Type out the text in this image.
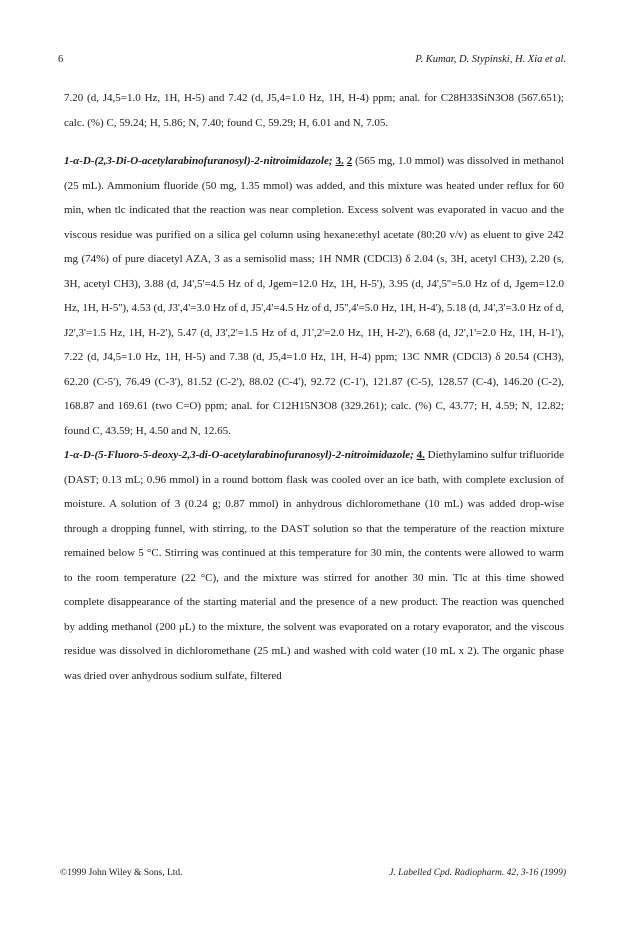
6	P. Kumar, D. Stypinski, H. Xia et al.

7.20 (d, J4,5=1.0 Hz, 1H, H-5) and 7.42 (d, J5,4=1.0 Hz, 1H, H-4) ppm; anal. for C28H33SiN3O8 (567.651); calc. (%) C, 59.24; H, 5.86; N, 7.40; found C, 59.29; H, 6.01 and N, 7.05.

1-α-D-(2,3-Di-O-acetylarabinofuranosyl)-2-nitroimidazole; 3. 2 (565 mg, 1.0 mmol) was dissolved in methanol (25 mL). Ammonium fluoride (50 mg, 1.35 mmol) was added, and this mixture was heated under reflux for 60 min, when tlc indicated that the reaction was near completion. Excess solvent was evaporated in vacuo and the viscous residue was purified on a silica gel column using hexane:ethyl acetate (80:20 v/v) as eluent to give 242 mg (74%) of pure diacetyl AZA, 3 as a semisolid mass; 1H NMR (CDCl3) δ 2.04 (s, 3H, acetyl CH3), 2.20 (s, 3H, acetyl CH3), 3.88 (d, J4',5'=4.5 Hz of d, Jgem=12.0 Hz, 1H, H-5'), 3.95 (d, J4',5''=5.0 Hz of d, Jgem=12.0 Hz, 1H, H-5''), 4.53 (d, J3',4'=3.0 Hz of d, J5',4'=4.5 Hz of d, J5'',4'=5.0 Hz, 1H, H-4'), 5.18 (d, J4',3'=3.0 Hz of d, J2',3'=1.5 Hz, 1H, H-2'), 5.47 (d, J3',2'=1.5 Hz of d, J1',2'=2.0 Hz, 1H, H-2'), 6.68 (d, J2',1'=2.0 Hz, 1H, H-1'), 7.22 (d, J4,5=1.0 Hz, 1H, H-5) and 7.38 (d, J5,4=1.0 Hz, 1H, H-4) ppm; 13C NMR (CDCl3) δ 20.54 (CH3), 62.20 (C-5'), 76.49 (C-3'), 81.52 (C-2'), 88.02 (C-4'), 92.72 (C-1'), 121.87 (C-5), 128.57 (C-4), 146.20 (C-2), 168.87 and 169.61 (two C=O) ppm; anal. for C12H15N3O8 (329.261); calc. (%) C, 43.77; H, 4.59; N, 12.82; found C, 43.59; H, 4.50 and N, 12.65.

1-α-D-(5-Fluoro-5-deoxy-2,3-di-O-acetylarabinofuranosyl)-2-nitroimidazole; 4. Diethylamino sulfur trifluoride (DAST; 0.13 mL; 0.96 mmol) in a round bottom flask was cooled over an ice bath, with complete exclusion of moisture. A solution of 3 (0.24 g; 0.87 mmol) in anhydrous dichloromethane (10 mL) was added drop-wise through a dropping funnel, with stirring, to the DAST solution so that the temperature of the reaction mixture remained below 5 °C. Stirring was continued at this temperature for 30 min, the contents were allowed to warm to the room temperature (22 °C), and the mixture was stirred for another 30 min. Tlc at this time showed complete disappearance of the starting material and the presence of a new product. The reaction was quenched by adding methanol (200 μL) to the mixture, the solvent was evaporated on a rotary evaporator, and the viscous residue was dissolved in dichloromethane (25 mL) and washed with cold water (10 mL x 2). The organic phase was dried over anhydrous sodium sulfate, filtered

©1999 John Wiley & Sons, Ltd.	J. Labelled Cpd. Radiopharm. 42, 3-16 (1999)
